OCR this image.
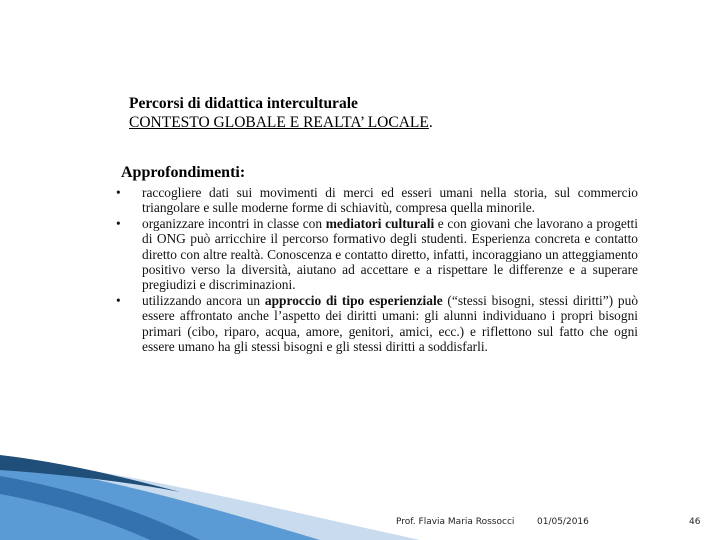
Percorsi di didattica interculturale
CONTESTO GLOBALE E REALTA’ LOCALE.
Approfondimenti:
• raccogliere dati sui movimenti di merci ed esseri umani nella storia, sul commercio triangolare e sulle moderne forme di schiavitù, compresa quella minorile.
• organizzare incontri in classe con mediatori culturali e con giovani che lavorano a progetti di ONG può arricchire il percorso formativo degli studenti. Esperienza concreta e contatto diretto con altre realtà. Conoscenza e contatto diretto, infatti, incoraggiano un atteggiamento positivo verso la diversità, aiutano ad accettare e a rispettare le differenze e a superare pregiudizi e discriminazioni.
• utilizzando ancora un approccio di tipo esperienziale (“stessi bisogni, stessi diritti”) può essere affrontato anche l’aspetto dei diritti umani: gli alunni individuano i propri bisogni primari (cibo, riparo, acqua, amore, genitori, amici, ecc.) e riflettono sul fatto che ogni essere umano ha gli stessi bisogni e gli stessi diritti a soddisfarli.
Prof. Flavia Maria Rossocci	01/05/2016	46
